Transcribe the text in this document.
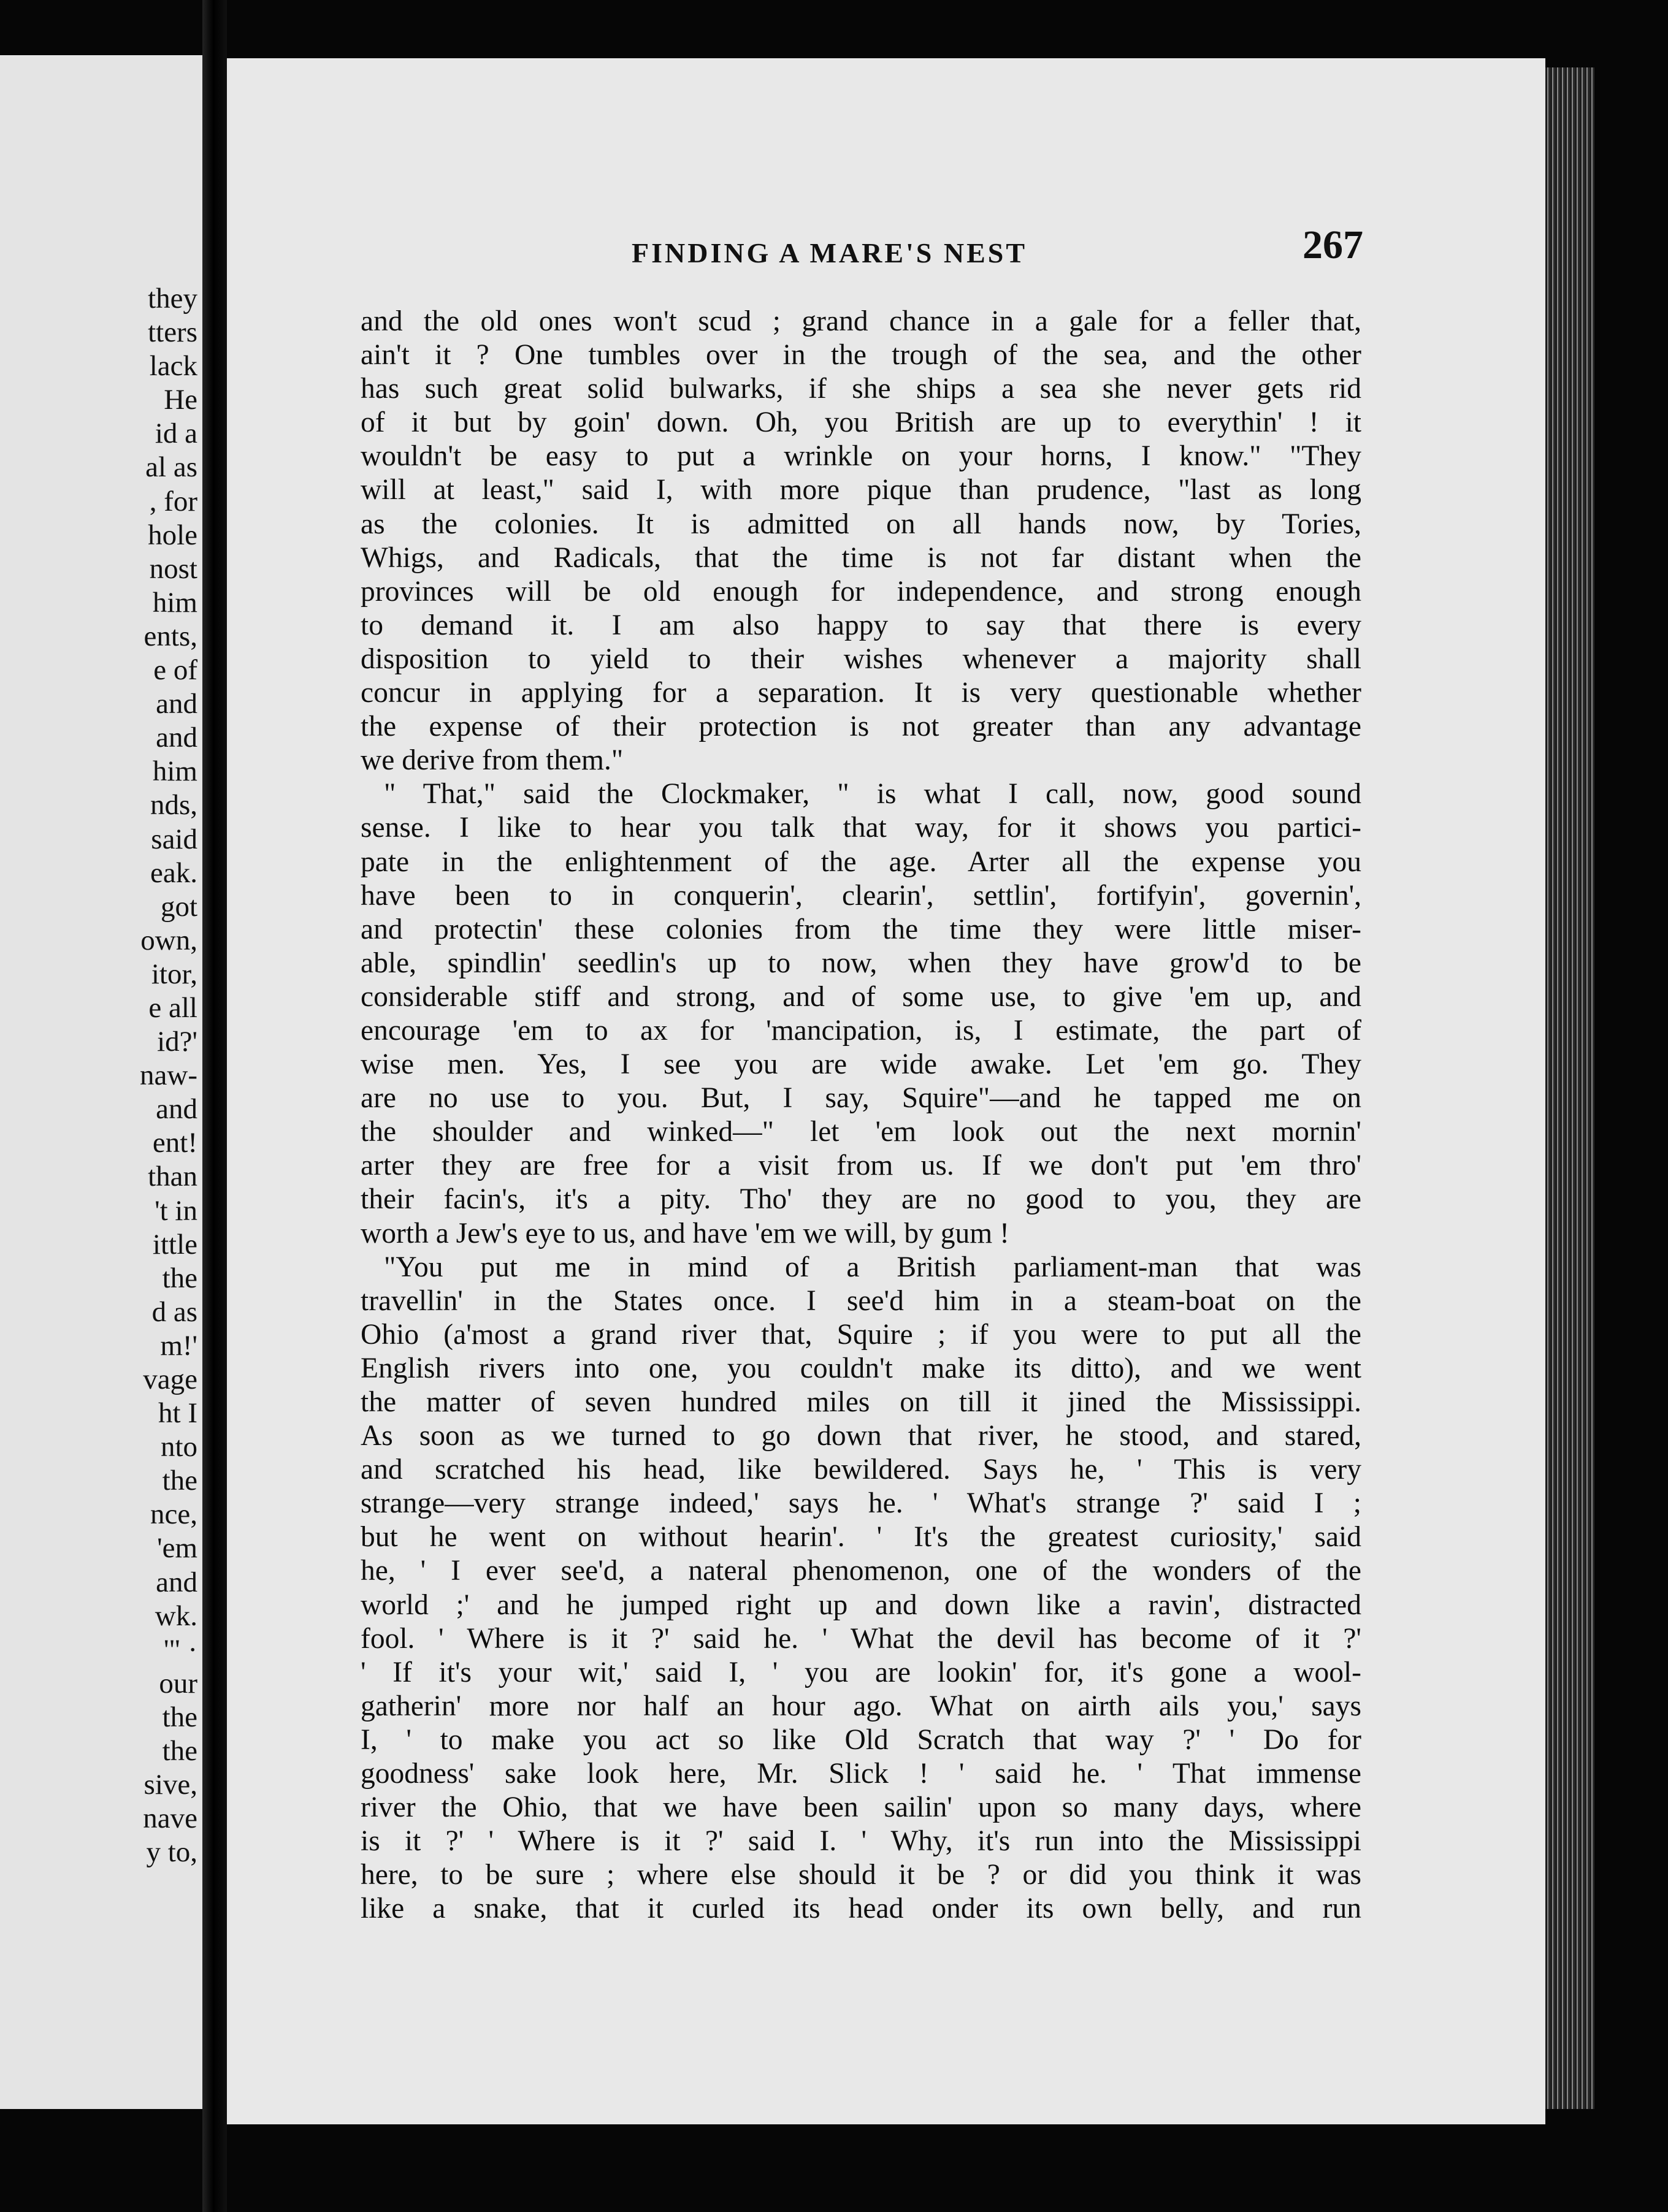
they
tters
lack
He
id a
al as
, for
hole
nost
him
ents,
e of
and
and
him
nds,
said
eak.
got
own,
itor,
e all
id?'
naw-
and
ent!
than
't in
ittle
the
d as
m!'
vage
ht I
nto
the
nce,
'em
and
wk.
'" ·
our
the
the
sive,
nave
y to,
FINDING A MARE'S NEST	267
and the old ones won't scud ; grand chance in a gale for a feller that,
ain't it ? One tumbles over in the trough of the sea, and the other
has such great solid bulwarks, if she ships a sea she never gets rid
of it but by goin' down. Oh, you British are up to everythin' ! it
wouldn't be easy to put a wrinkle on your horns, I know." "They
will at least," said I, with more pique than prudence, "last as long
as the colonies. It is admitted on all hands now, by Tories,
Whigs, and Radicals, that the time is not far distant when the
provinces will be old enough for independence, and strong enough
to demand it. I am also happy to say that there is every
disposition to yield to their wishes whenever a majority shall
concur in applying for a separation. It is very questionable whether
the expense of their protection is not greater than any advantage
we derive from them."
" That," said the Clockmaker, " is what I call, now, good sound
sense. I like to hear you talk that way, for it shows you partici-
pate in the enlightenment of the age. Arter all the expense you
have been to in conquerin', clearin', settlin', fortifyin', governin',
and protectin' these colonies from the time they were little miser-
able, spindlin' seedlin's up to now, when they have grow'd to be
considerable stiff and strong, and of some use, to give 'em up, and
encourage 'em to ax for 'mancipation, is, I estimate, the part of
wise men. Yes, I see you are wide awake. Let 'em go. They
are no use to you. But, I say, Squire"—and he tapped me on
the shoulder and winked—" let 'em look out the next mornin'
arter they are free for a visit from us. If we don't put 'em thro'
their facin's, it's a pity. Tho' they are no good to you, they are
worth a Jew's eye to us, and have 'em we will, by gum !
"You put me in mind of a British parliament-man that was
travellin' in the States once. I see'd him in a steam-boat on the
Ohio (a'most a grand river that, Squire ; if you were to put all the
English rivers into one, you couldn't make its ditto), and we went
the matter of seven hundred miles on till it jined the Mississippi.
As soon as we turned to go down that river, he stood, and stared,
and scratched his head, like bewildered. Says he, ' This is very
strange—very strange indeed,' says he. ' What's strange ?' said I ;
but he went on without hearin'. ' It's the greatest curiosity,' said
he, ' I ever see'd, a nateral phenomenon, one of the wonders of the
world ;' and he jumped right up and down like a ravin', distracted
fool. ' Where is it ?' said he. ' What the devil has become of it ?'
' If it's your wit,' said I, ' you are lookin' for, it's gone a wool-
gatherin' more nor half an hour ago. What on airth ails you,' says
I, ' to make you act so like Old Scratch that way ?' ' Do for
goodness' sake look here, Mr. Slick ! ' said he. ' That immense
river the Ohio, that we have been sailin' upon so many days, where
is it ?' ' Where is it ?' said I. ' Why, it's run into the Mississippi
here, to be sure ; where else should it be ? or did you think it was
like a snake, that it curled its head onder its own belly, and run
